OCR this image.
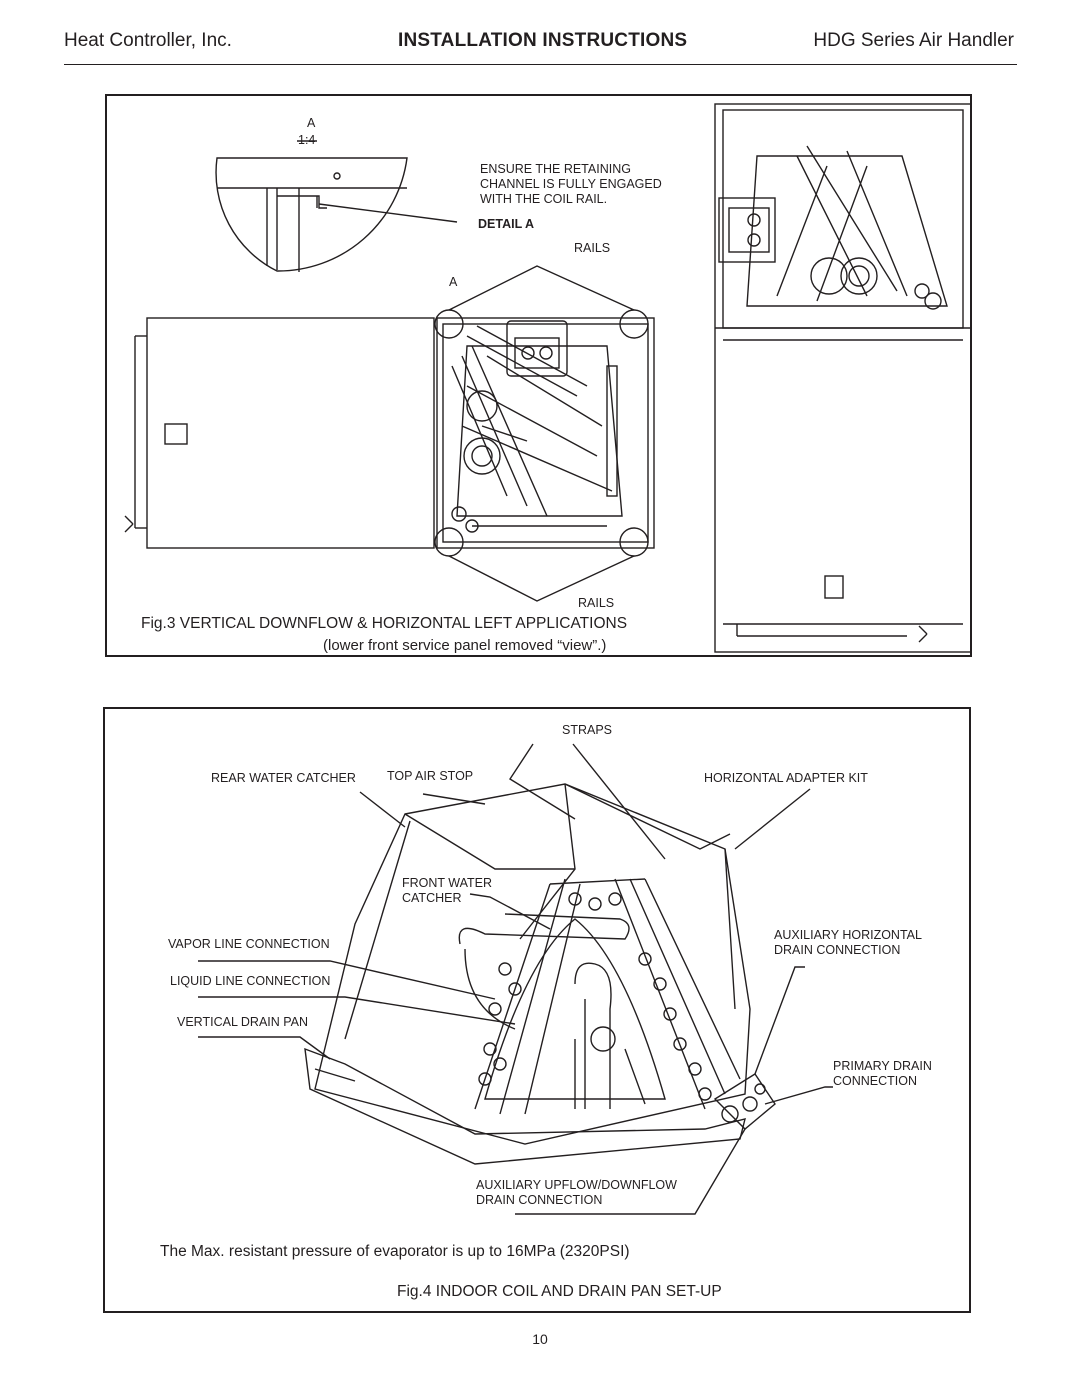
Heat Controller, Inc.	INSTALLATION INSTRUCTIONS	HDG Series Air Handler
A
1:4
ENSURE THE RETAINING
CHANNEL IS FULLY ENGAGED
WITH THE COIL RAIL.
DETAIL A
RAILS
A
RAILS
Fig.3 VERTICAL DOWNFLOW & HORIZONTAL LEFT APPLICATIONS
(lower front service panel removed “view”.)
STRAPS
REAR WATER CATCHER TOP AIR STOP	HORIZONTAL ADAPTER KIT
FRONT WATER
CATCHER
VAPOR LINE CONNECTION
LIQUID LINE CONNECTION
VERTICAL DRAIN PAN
AUXILIARY HORIZONTAL
DRAIN CONNECTION
PRIMARY DRAIN
CONNECTION
AUXILIARY UPFLOW/DOWNFLOW
DRAIN CONNECTION
The Max. resistant pressure of evaporator is up to 16MPa (2320PSI)
Fig.4 INDOOR COIL AND DRAIN PAN SET-UP
10
